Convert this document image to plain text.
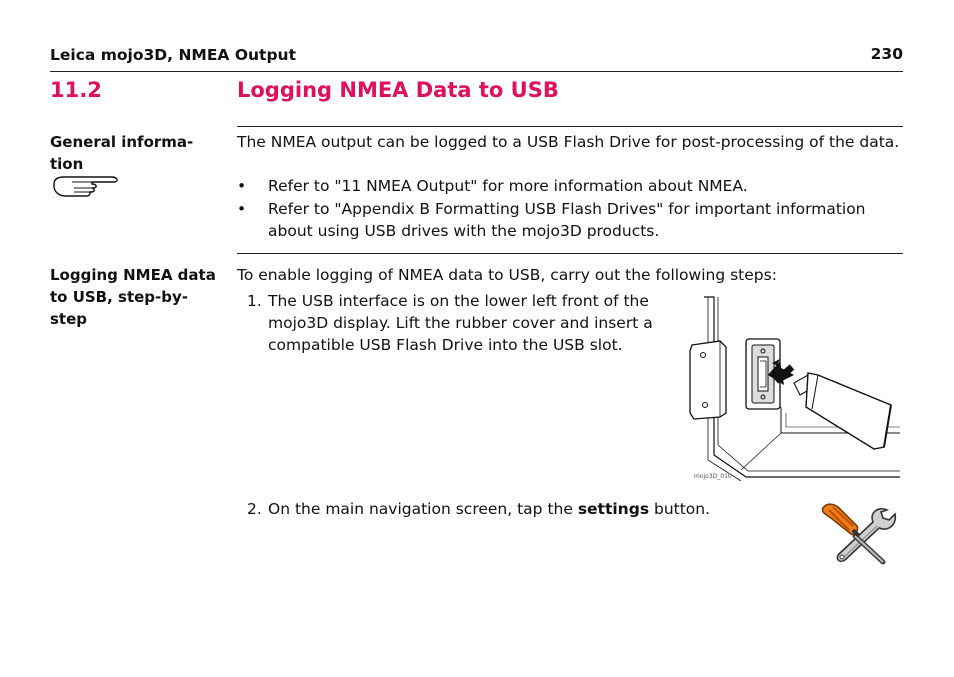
Leica mojo3D, NMEA Output	230
11.2	Logging NMEA Data to USB
General informa-
tion
The NMEA output can be logged to a USB Flash Drive for post-processing of the data.
• Refer to "11 NMEA Output" for more information about NMEA.
• Refer to "Appendix B Formatting USB Flash Drives" for important information
about using USB drives with the mojo3D products.
Logging NMEA data
to USB, step-by-
step
To enable logging of NMEA data to USB, carry out the following steps:
1. The USB interface is on the lower left front of the
mojo3D display. Lift the rubber cover and insert a
compatible USB Flash Drive into the USB slot.
mojo3D_010
2. On the main navigation screen, tap the settings button.
